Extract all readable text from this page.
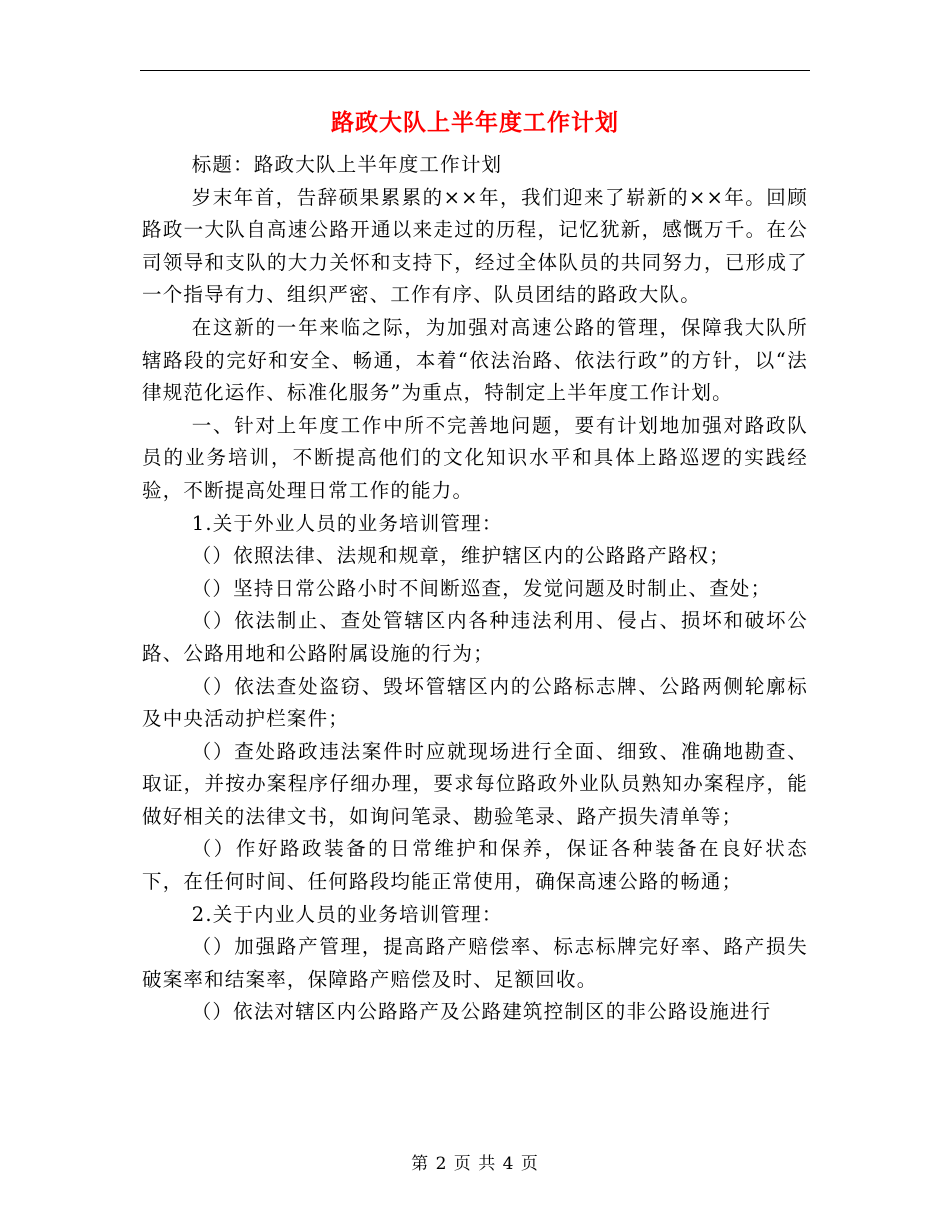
路政大队上半年度工作计划

标题：路政大队上半年度工作计划

岁末年首，告辞硕果累累的××年，我们迎来了崭新的××年。回顾路政一大队自高速公路开通以来走过的历程，记忆犹新，感慨万千。在公司领导和支队的大力关怀和支持下，经过全体队员的共同努力，已形成了一个指导有力、组织严密、工作有序、队员团结的路政大队。

在这新的一年来临之际，为加强对高速公路的管理，保障我大队所辖路段的完好和安全、畅通，本着“依法治路、依法行政”的方针，以“法律规范化运作、标准化服务”为重点，特制定上半年度工作计划。

一、针对上年度工作中所不完善地问题，要有计划地加强对路政队员的业务培训，不断提高他们的文化知识水平和具体上路巡逻的实践经验，不断提高处理日常工作的能力。

1.关于外业人员的业务培训管理：

（）依照法律、法规和规章，维护辖区内的公路路产路权；

（）坚持日常公路小时不间断巡查，发觉问题及时制止、查处；

（）依法制止、查处管辖区内各种违法利用、侵占、损坏和破坏公路、公路用地和公路附属设施的行为；

（）依法查处盗窃、毁坏管辖区内的公路标志牌、公路两侧轮廓标及中央活动护栏案件；

（）查处路政违法案件时应就现场进行全面、细致、准确地勘查、取证，并按办案程序仔细办理，要求每位路政外业队员熟知办案程序，能做好相关的法律文书，如询问笔录、勘验笔录、路产损失清单等；

（）作好路政装备的日常维护和保养，保证各种装备在良好状态下，在任何时间、任何路段均能正常使用，确保高速公路的畅通；

2.关于内业人员的业务培训管理：

（）加强路产管理，提高路产赔偿率、标志标牌完好率、路产损失破案率和结案率，保障路产赔偿及时、足额回收。

（）依法对辖区内公路路产及公路建筑控制区的非公路设施进行

第 2 页 共 4 页
